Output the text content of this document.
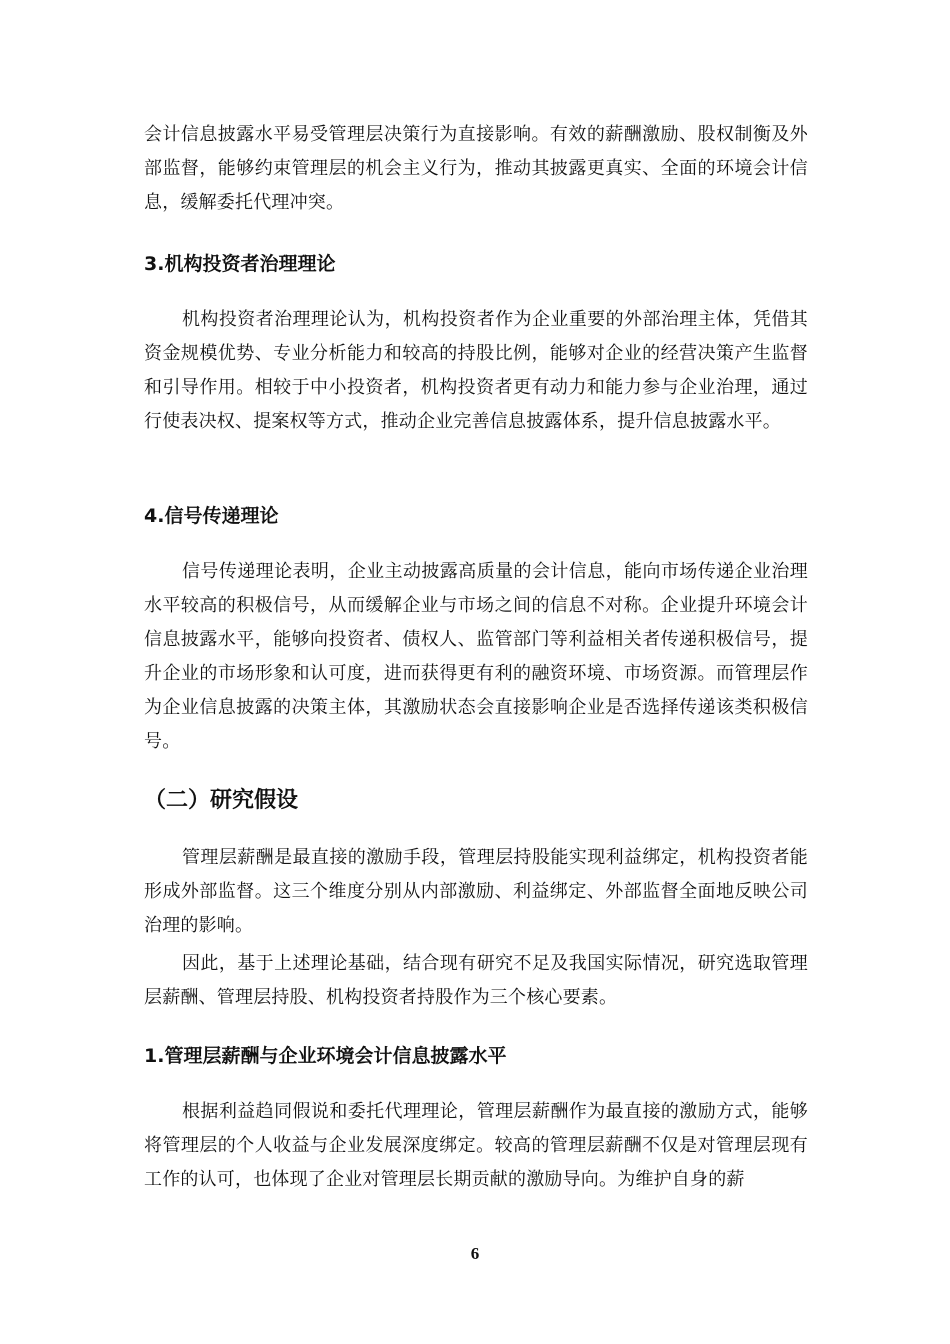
会计信息披露水平易受管理层决策行为直接影响。有效的薪酬激励、股权制衡及外部监督，能够约束管理层的机会主义行为，推动其披露更真实、全面的环境会计信息，缓解委托代理冲突。

3.机构投资者治理理论

机构投资者治理理论认为，机构投资者作为企业重要的外部治理主体，凭借其资金规模优势、专业分析能力和较高的持股比例，能够对企业的经营决策产生监督和引导作用。相较于中小投资者，机构投资者更有动力和能力参与企业治理，通过行使表决权、提案权等方式，推动企业完善信息披露体系，提升信息披露水平。

4.信号传递理论

信号传递理论表明，企业主动披露高质量的会计信息，能向市场传递企业治理水平较高的积极信号，从而缓解企业与市场之间的信息不对称。企业提升环境会计信息披露水平，能够向投资者、债权人、监管部门等利益相关者传递积极信号，提升企业的市场形象和认可度，进而获得更有利的融资环境、市场资源。而管理层作为企业信息披露的决策主体，其激励状态会直接影响企业是否选择传递该类积极信号。

（二）研究假设

管理层薪酬是最直接的激励手段，管理层持股能实现利益绑定，机构投资者能形成外部监督。这三个维度分别从内部激励、利益绑定、外部监督全面地反映公司治理的影响。

因此，基于上述理论基础，结合现有研究不足及我国实际情况，研究选取管理层薪酬、管理层持股、机构投资者持股作为三个核心要素。

1.管理层薪酬与企业环境会计信息披露水平

根据利益趋同假说和委托代理理论，管理层薪酬作为最直接的激励方式，能够将管理层的个人收益与企业发展深度绑定。较高的管理层薪酬不仅是对管理层现有工作的认可，也体现了企业对管理层长期贡献的激励导向。为维护自身的薪

6
